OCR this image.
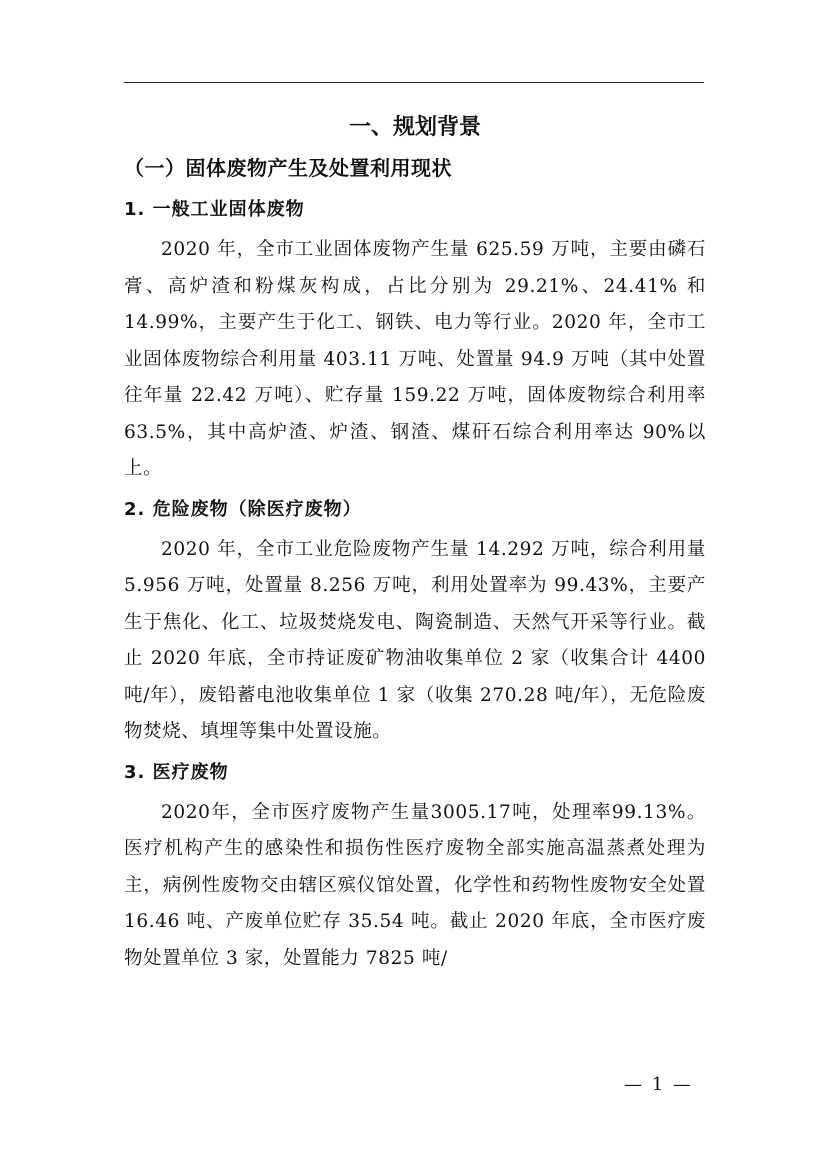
一、规划背景
（一）固体废物产生及处置利用现状
1. 一般工业固体废物

2020 年，全市工业固体废物产生量 625.59 万吨，主要由磷石膏、高炉渣和粉煤灰构成，占比分别为 29.21%、24.41% 和 14.99%，主要产生于化工、钢铁、电力等行业。2020 年，全市工业固体废物综合利用量 403.11 万吨、处置量 94.9 万吨（其中处置往年量 22.42 万吨）、贮存量 159.22 万吨，固体废物综合利用率 63.5%，其中高炉渣、炉渣、钢渣、煤矸石综合利用率达 90%以上。

2. 危险废物（除医疗废物）

2020 年，全市工业危险废物产生量 14.292 万吨，综合利用量 5.956 万吨，处置量 8.256 万吨，利用处置率为 99.43%，主要产生于焦化、化工、垃圾焚烧发电、陶瓷制造、天然气开采等行业。截止 2020 年底，全市持证废矿物油收集单位 2 家（收集合计 4400 吨/年），废铅蓄电池收集单位 1 家（收集 270.28 吨/年），无危险废物焚烧、填埋等集中处置设施。

3. 医疗废物

2020年，全市医疗废物产生量3005.17吨，处理率99.13%。医疗机构产生的感染性和损伤性医疗废物全部实施高温蒸煮处理为主，病例性废物交由辖区殡仪馆处置，化学性和药物性废物安全处置 16.46 吨、产废单位贮存 35.54 吨。截止 2020 年底，全市医疗废物处置单位 3 家，处置能力 7825 吨/

— 1 —
